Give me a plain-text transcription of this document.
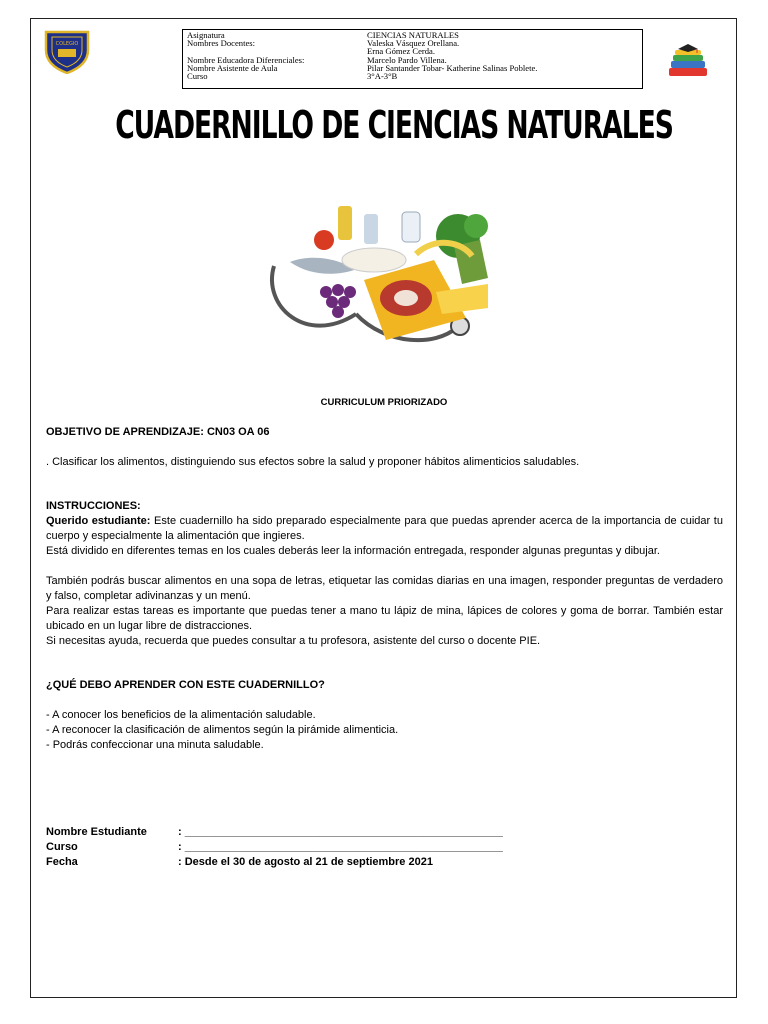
COLEGIO
Asignatura	CIENCIAS NATURALES
Nombres Docentes:	Valeska Vásquez Orellana.
Erna Gómez Cerda.
Nombre Educadora Diferenciales:	Marcelo Pardo Villena.
Nombre Asistente de Aula	Pilar Santander Tobar- Katherine Salinas Poblete.
Curso	3°A-3°B
CUADERNILLO DE CIENCIAS NATURALES

CURRICULUM PRIORIZADO

OBJETIVO DE APRENDIZAJE: CN03 OA 06

. Clasificar los alimentos, distinguiendo sus efectos sobre la salud y proponer hábitos alimenticios saludables.

INSTRUCCIONES:

Querido estudiante: Este cuadernillo ha sido preparado especialmente para que puedas aprender acerca de la importancia de cuidar tu cuerpo y especialmente la alimentación que ingieres.

Está dividido en diferentes temas en los cuales deberás leer la información entregada, responder algunas preguntas y dibujar.

También podrás buscar alimentos en una sopa de letras, etiquetar las comidas diarias en una imagen, responder preguntas de verdadero y falso, completar adivinanzas y un menú.

Para realizar estas tareas es importante que puedas tener a mano tu lápiz de mina, lápices de colores y goma de borrar. También estar ubicado en un lugar libre de distracciones.

Si necesitas ayuda, recuerda que puedes consultar a tu profesora, asistente del curso o docente PIE.

¿QUÉ DEBO APRENDER CON ESTE CUADERNILLO?

- A conocer los beneficios de la alimentación saludable.

- A reconocer la clasificación de alimentos según la pirámide alimenticia.

- Podrás confeccionar una minuta saludable.

Nombre Estudiante	: ____________________________________________________
Curso	: ____________________________________________________
Fecha	: Desde el 30 de agosto al 21 de septiembre 2021
